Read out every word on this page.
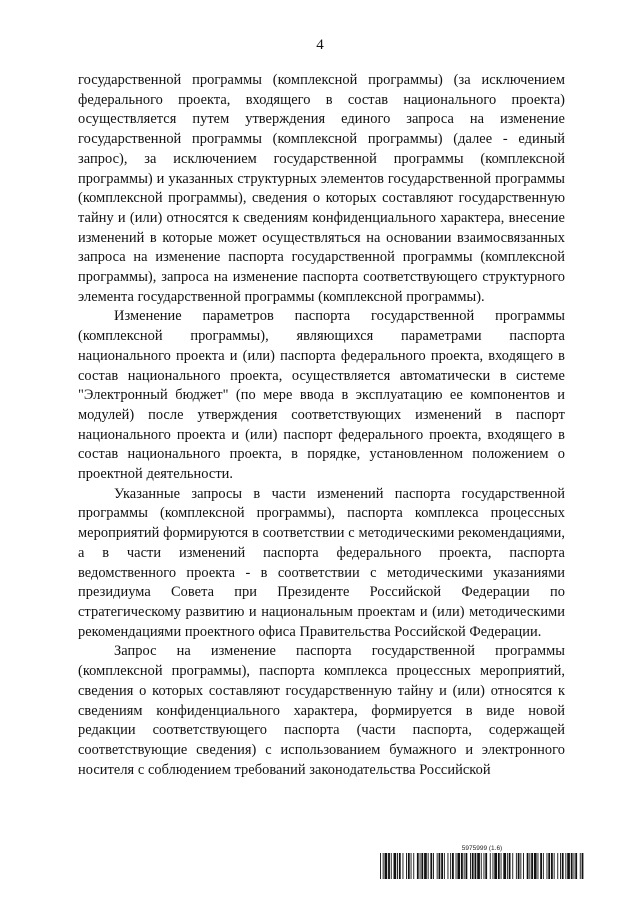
4

государственной программы (комплексной программы) (за исключением федерального проекта, входящего в состав национального проекта) осуществляется путем утверждения единого запроса на изменение государственной программы (комплексной программы) (далее - единый запрос), за исключением государственной программы (комплексной программы) и указанных структурных элементов государственной программы (комплексной программы), сведения о которых составляют государственную тайну и (или) относятся к сведениям конфиденциального характера, внесение изменений в которые может осуществляться на основании взаимосвязанных запроса на изменение паспорта государственной программы (комплексной программы), запроса на изменение паспорта соответствующего структурного элемента государственной программы (комплексной программы).

Изменение параметров паспорта государственной программы (комплексной программы), являющихся параметрами паспорта национального проекта и (или) паспорта федерального проекта, входящего в состав национального проекта, осуществляется автоматически в системе "Электронный бюджет" (по мере ввода в эксплуатацию ее компонентов и модулей) после утверждения соответствующих изменений в паспорт национального проекта и (или) паспорт федерального проекта, входящего в состав национального проекта, в порядке, установленном положением о проектной деятельности.

Указанные запросы в части изменений паспорта государственной программы (комплексной программы), паспорта комплекса процессных мероприятий формируются в соответствии с методическими рекомендациями, а в части изменений паспорта федерального проекта, паспорта ведомственного проекта - в соответствии с методическими указаниями президиума Совета при Президенте Российской Федерации по стратегическому развитию и национальным проектам и (или) методическими рекомендациями проектного офиса Правительства Российской Федерации.

Запрос на изменение паспорта государственной программы (комплексной программы), паспорта комплекса процессных мероприятий, сведения о которых составляют государственную тайну и (или) относятся к сведениям конфиденциального характера, формируется в виде новой редакции соответствующего паспорта (части паспорта, содержащей соответствующие сведения) с использованием бумажного и электронного носителя с соблюдением требований законодательства Российской

5975999 (1.6)
